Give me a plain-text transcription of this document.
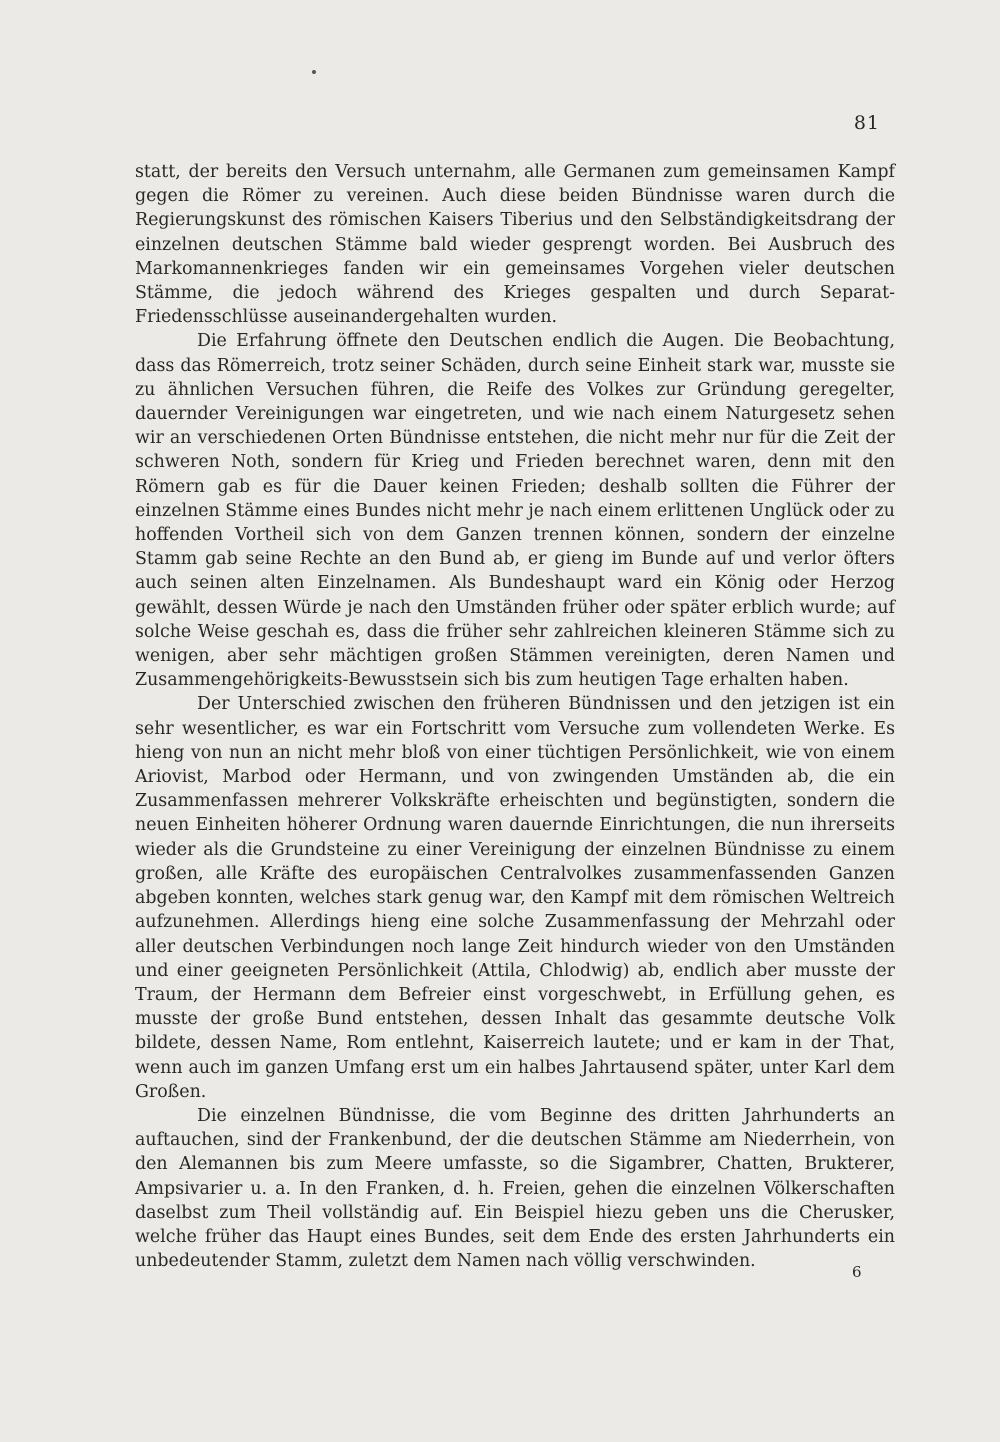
81

statt, der bereits den Versuch unternahm, alle Germanen zum gemeinsamen Kampf gegen die Römer zu vereinen. Auch diese beiden Bündnisse waren durch die Regierungskunst des römischen Kaisers Tiberius und den Selbständigkeitsdrang der einzelnen deutschen Stämme bald wieder gesprengt worden. Bei Ausbruch des Markomannenkrieges fanden wir ein gemeinsames Vorgehen vieler deutschen Stämme, die jedoch während des Krieges gespalten und durch Separat-Friedensschlüsse auseinandergehalten wurden.

Die Erfahrung öffnete den Deutschen endlich die Augen. Die Beobachtung, dass das Römerreich, trotz seiner Schäden, durch seine Einheit stark war, musste sie zu ähnlichen Versuchen führen, die Reife des Volkes zur Gründung geregelter, dauernder Vereinigungen war eingetreten, und wie nach einem Naturgesetz sehen wir an verschiedenen Orten Bündnisse entstehen, die nicht mehr nur für die Zeit der schweren Noth, sondern für Krieg und Frieden berechnet waren, denn mit den Römern gab es für die Dauer keinen Frieden; deshalb sollten die Führer der einzelnen Stämme eines Bundes nicht mehr je nach einem erlittenen Unglück oder zu hoffenden Vortheil sich von dem Ganzen trennen können, sondern der einzelne Stamm gab seine Rechte an den Bund ab, er gieng im Bunde auf und verlor öfters auch seinen alten Einzelnamen. Als Bundeshaupt ward ein König oder Herzog gewählt, dessen Würde je nach den Umständen früher oder später erblich wurde; auf solche Weise geschah es, dass die früher sehr zahlreichen kleineren Stämme sich zu wenigen, aber sehr mächtigen großen Stämmen vereinigten, deren Namen und Zusammengehörigkeits-Bewusstsein sich bis zum heutigen Tage erhalten haben.

Der Unterschied zwischen den früheren Bündnissen und den jetzigen ist ein sehr wesentlicher, es war ein Fortschritt vom Versuche zum vollendeten Werke. Es hieng von nun an nicht mehr bloß von einer tüchtigen Persönlichkeit, wie von einem Ariovist, Marbod oder Hermann, und von zwingenden Umständen ab, die ein Zusammenfassen mehrerer Volkskräfte erheischten und begünstigten, sondern die neuen Einheiten höherer Ordnung waren dauernde Einrichtungen, die nun ihrerseits wieder als die Grundsteine zu einer Vereinigung der einzelnen Bündnisse zu einem großen, alle Kräfte des europäischen Centralvolkes zusammenfassenden Ganzen abgeben konnten, welches stark genug war, den Kampf mit dem römischen Weltreich aufzunehmen. Allerdings hieng eine solche Zusammenfassung der Mehrzahl oder aller deutschen Verbindungen noch lange Zeit hindurch wieder von den Umständen und einer geeigneten Persönlichkeit (Attila, Chlodwig) ab, endlich aber musste der Traum, der Hermann dem Befreier einst vorgeschwebt, in Erfüllung gehen, es musste der große Bund entstehen, dessen Inhalt das gesammte deutsche Volk bildete, dessen Name, Rom entlehnt, Kaiserreich lautete; und er kam in der That, wenn auch im ganzen Umfang erst um ein halbes Jahrtausend später, unter Karl dem Großen.

Die einzelnen Bündnisse, die vom Beginne des dritten Jahrhunderts an auftauchen, sind der Frankenbund, der die deutschen Stämme am Niederrhein, von den Alemannen bis zum Meere umfasste, so die Sigambrer, Chatten, Brukterer, Ampsivarier u. a. In den Franken, d. h. Freien, gehen die einzelnen Völkerschaften daselbst zum Theil vollständig auf. Ein Beispiel hiezu geben uns die Cherusker, welche früher das Haupt eines Bundes, seit dem Ende des ersten Jahrhunderts ein unbedeutender Stamm, zuletzt dem Namen nach völlig verschwinden.

6
